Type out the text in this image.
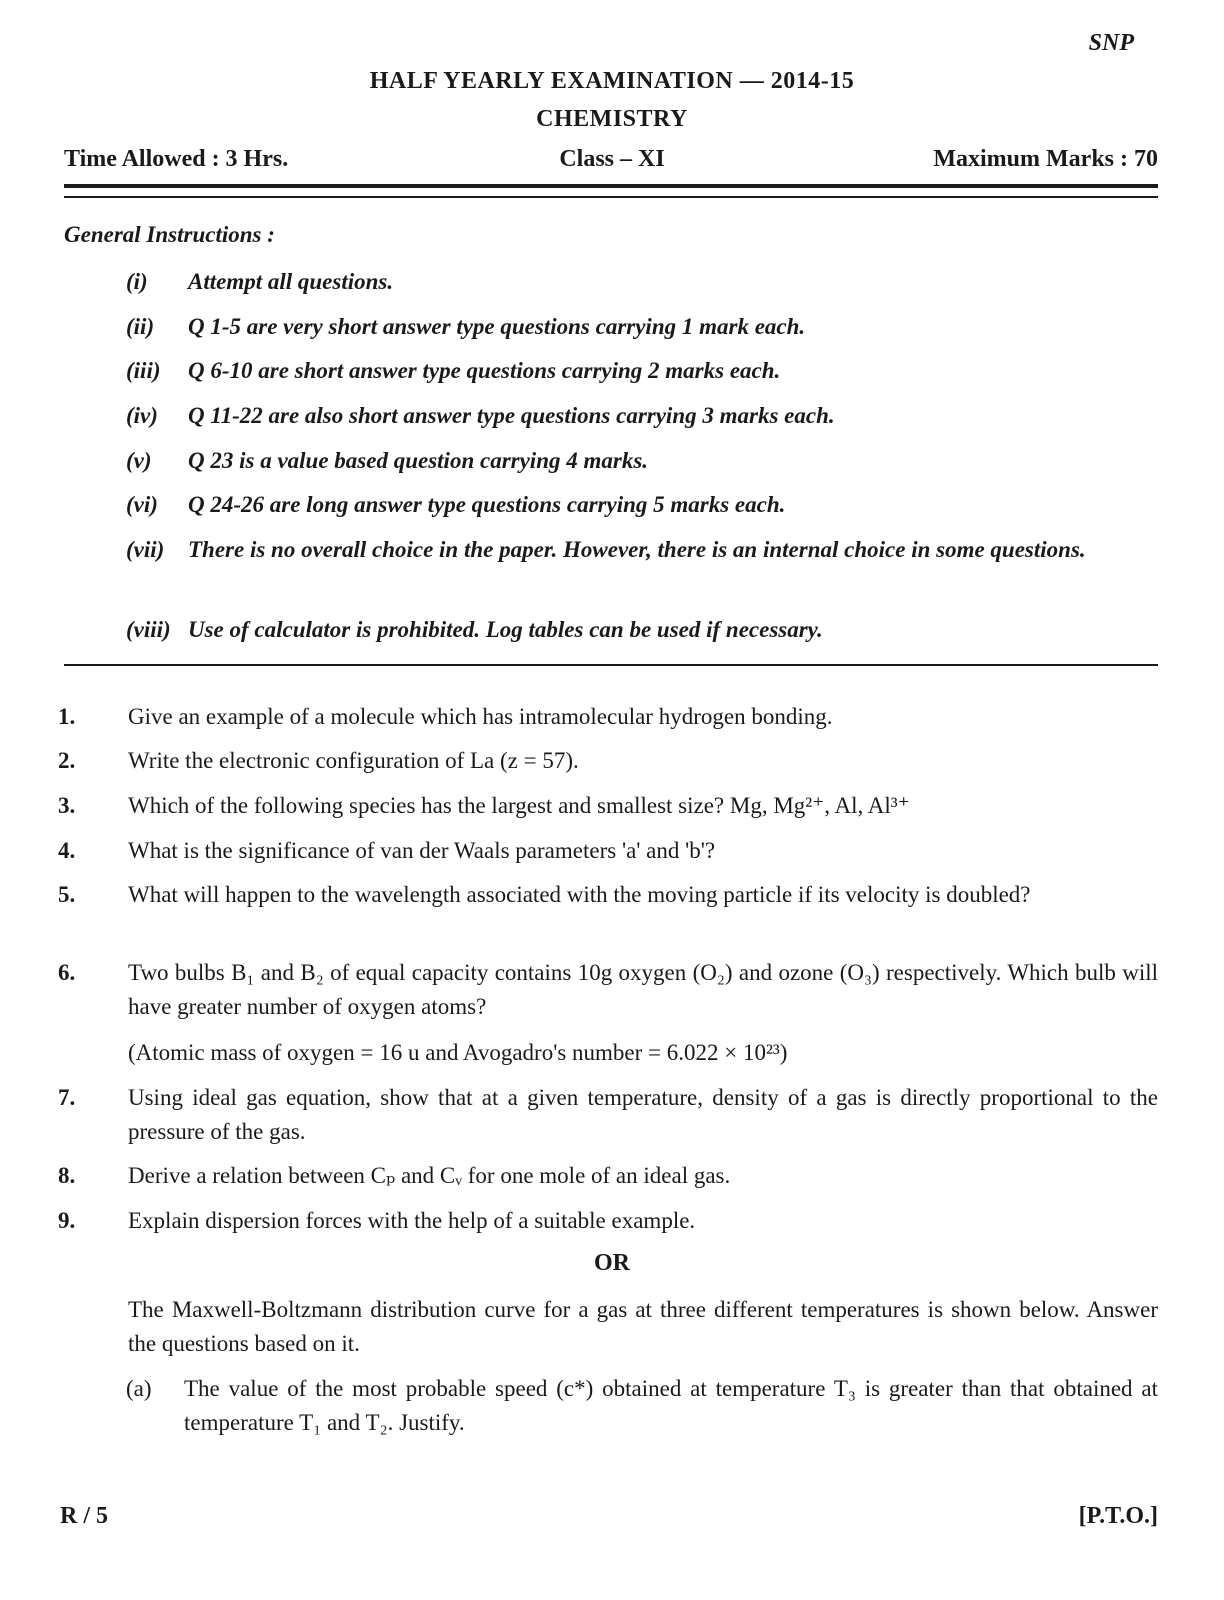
SNP
HALF YEARLY EXAMINATION — 2014-15
CHEMISTRY
Time Allowed : 3 Hrs.	Class – XI	Maximum Marks : 70
General Instructions :
(i) Attempt all questions.
(ii) Q 1-5 are very short answer type questions carrying 1 mark each.
(iii) Q 6-10 are short answer type questions carrying 2 marks each.
(iv) Q 11-22 are also short answer type questions carrying 3 marks each.
(v) Q 23 is a value based question carrying 4 marks.
(vi) Q 24-26 are long answer type questions carrying 5 marks each.
(vii) There is no overall choice in the paper. However, there is an internal choice in some questions.
(viii) Use of calculator is prohibited. Log tables can be used if necessary.
1. Give an example of a molecule which has intramolecular hydrogen bonding.
2. Write the electronic configuration of La (z = 57).
3. Which of the following species has the largest and smallest size? Mg, Mg²⁺, Al, Al³⁺
4. What is the significance of van der Waals parameters 'a' and 'b'?
5. What will happen to the wavelength associated with the moving particle if its velocity is doubled?
6. Two bulbs B₁ and B₂ of equal capacity contains 10g oxygen (O₂) and ozone (O₃) respectively. Which bulb will have greater number of oxygen atoms?
(Atomic mass of oxygen = 16 u and Avogadro's number = 6.022 × 10²³)
7. Using ideal gas equation, show that at a given temperature, density of a gas is directly proportional to the pressure of the gas.
8. Derive a relation between Cₚ and Cᵥ for one mole of an ideal gas.
9. Explain dispersion forces with the help of a suitable example.
OR
The Maxwell-Boltzmann distribution curve for a gas at three different temperatures is shown below. Answer the questions based on it.
(a) The value of the most probable speed (c*) obtained at temperature T₃ is greater than that obtained at temperature T₁ and T₂. Justify.
R / 5	[P.T.O.]
